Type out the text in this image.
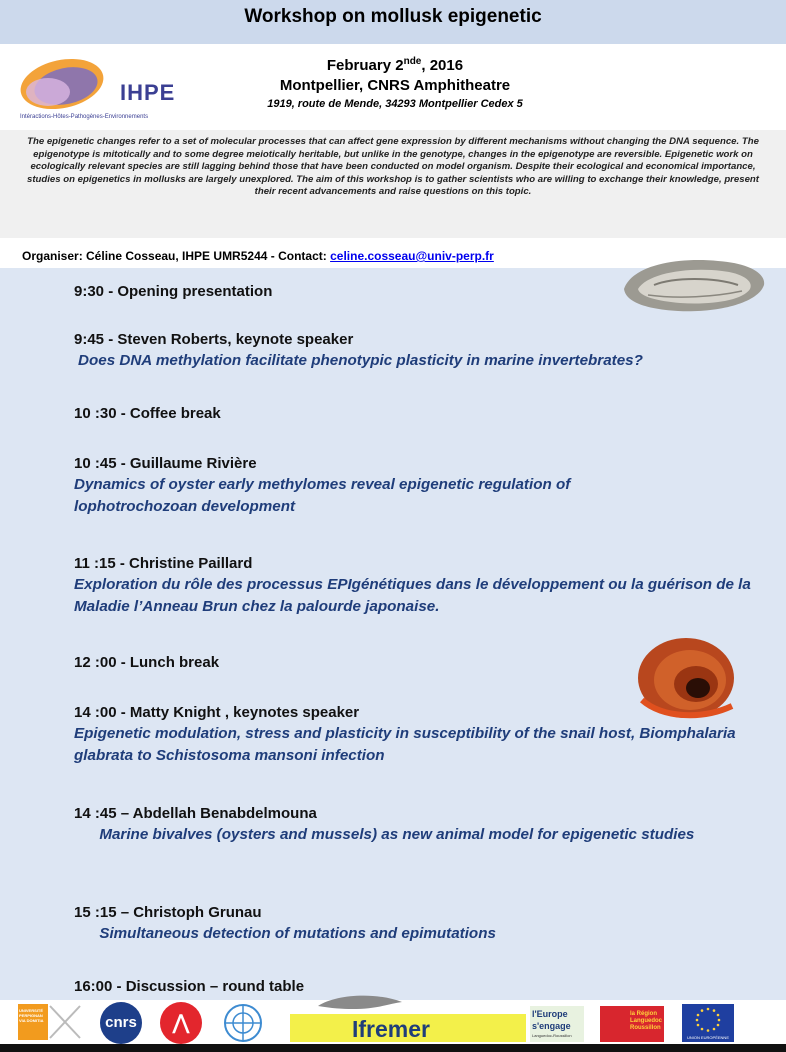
Workshop on mollusk epigenetic
IHPE
Intéractions-Hôtes-Pathogènes-Environnements
February 2nde, 2016
Montpellier, CNRS Amphitheatre
1919, route de Mende, 34293 Montpellier Cedex 5

The epigenetic changes refer to a set of molecular processes that can affect gene expression by different mechanisms without changing the DNA sequence. The epigenotype is mitotically and to some degree meiotically heritable, but unlike in the genotype, changes in the epigenotype are reversible. Epigenetic work on ecologically relevant species are still lagging behind those that have been conducted on model organism. Despite their ecological and economical importance, studies on epigenetics in mollusks are largely unexplored. The aim of this workshop is to gather scientists who are willing to exchange their knowledge, present their recent advancements and raise questions on this topic.

Organiser: Céline Cosseau, IHPE UMR5244 - Contact: celine.cosseau@univ-perp.fr
9:30 - Opening presentation
9:45 - Steven Roberts, keynote speaker
Does DNA methylation facilitate phenotypic plasticity in marine invertebrates?
10 :30 - Coffee break
10 :45 - Guillaume Rivière
Dynamics of oyster early methylomes reveal epigenetic regulation of lophotrochozoan development
11 :15 - Christine Paillard
Exploration du rôle des processus EPIgénétiques dans le développement ou la guérison de la Maladie l’Anneau Brun chez la palourde japonaise.
12 :00 - Lunch break
14 :00 - Matty Knight , keynotes speaker
Epigenetic modulation, stress and plasticity in susceptibility of the snail host, Biomphalaria glabrata to Schistosoma mansoni infection
14 :45 – Abdellah Benabdelmouna
Marine bivalves (oysters and mussels) as new animal model for epigenetic studies
15 :15 – Christoph Grunau
Simultaneous detection of mutations and epimutations
16:00 - Discussion – round table
UNIVERSITÉ PERPIGNAN VIA DOMITIA	cnrs	⋀	Ifremer
l'Europe s'engage
Languedoc-Roussillon
la Région Languedoc Roussillon
UNION EUROPÉENNE
